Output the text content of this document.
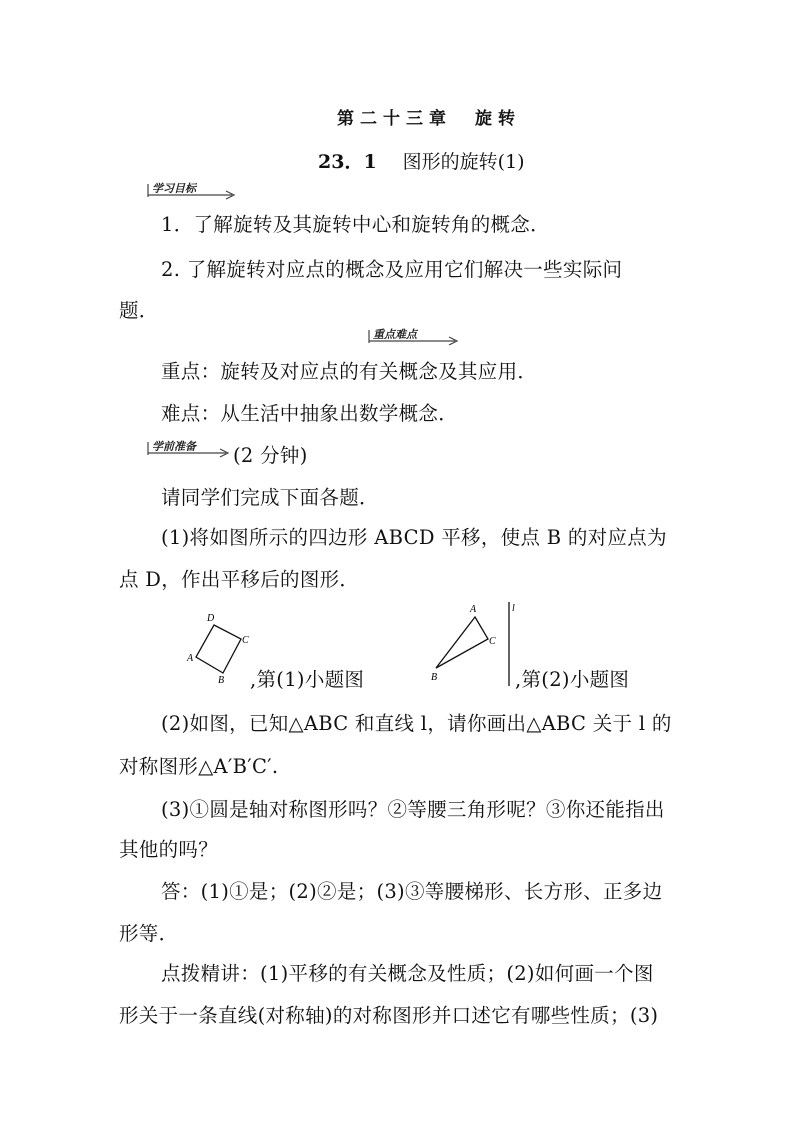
第二十三章　旋转
23．1 图形的旋转(1)
学习目标
1．了解旋转及其旋转中心和旋转角的概念．
2. 了解旋转对应点的概念及应用它们解决一些实际问
题．
重点难点
重点：旋转及对应点的有关概念及其应用．
难点：从生活中抽象出数学概念．
学前准备 (2 分钟)
请同学们完成下面各题．
(1)将如图所示的四边形 ABCD 平移，使点 B 的对应点为
点 D，作出平移后的图形．
D
C
A
B ,第(1)小题图
A
C
B
l
,第(2)小题图
(2)如图，已知△ABC 和直线 l，请你画出△ABC 关于 l 的
对称图形△A′B′C′.
(3)①圆是轴对称图形吗？②等腰三角形呢？③你还能指出
其他的吗？
答：(1)①是；(2)②是；(3)③等腰梯形、长方形、正多边
形等．
点拨精讲：(1)平移的有关概念及性质；(2)如何画一个图
形关于一条直线(对称轴)的对称图形并口述它有哪些性质；(3)
